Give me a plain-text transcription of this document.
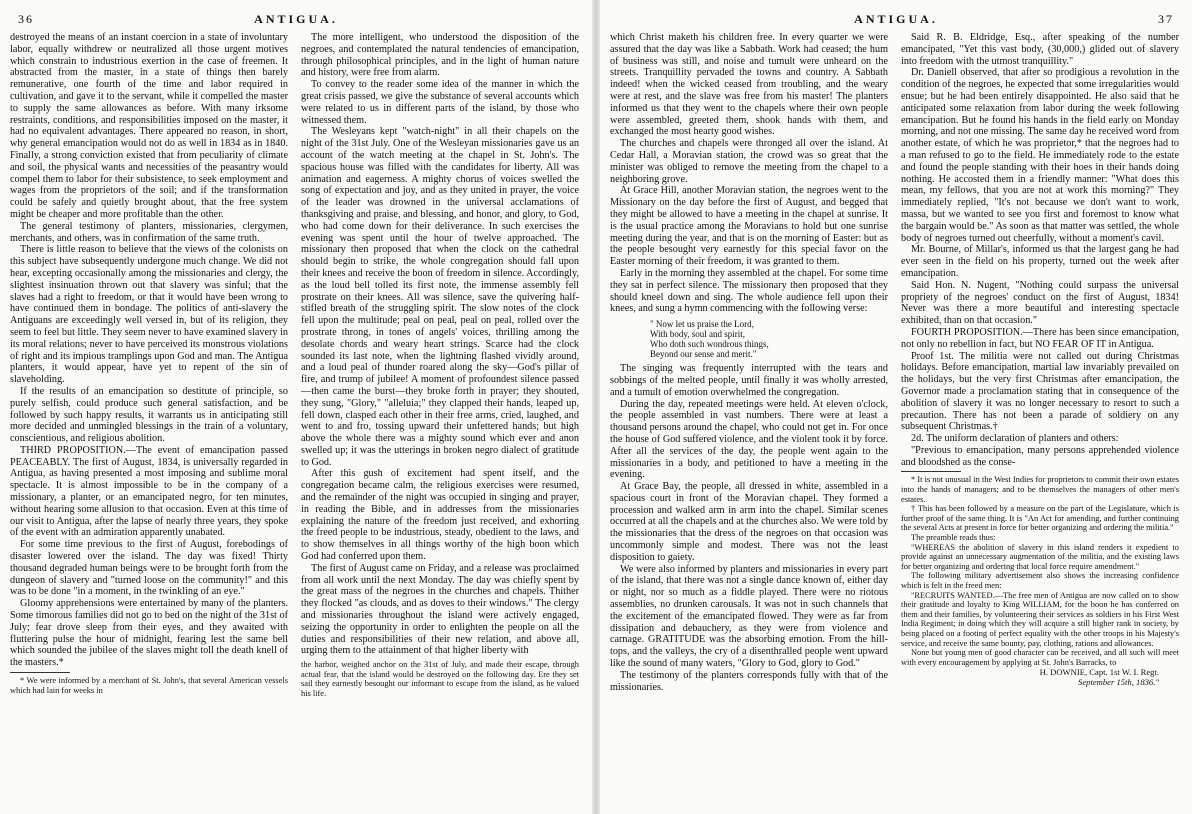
36	ANTIGUA.

destroyed the means of an instant coercion in a state of involuntary labor, equally withdrew or neutralized all those urgent motives which constrain to industrious exertion in the case of freemen. It abstracted from the master, in a state of things then barely remunerative, one fourth of the time and labor required in cultivation, and gave it to the servant, while it compelled the master to supply the same allowances as before. With many irksome restraints, conditions, and responsibilities imposed on the master, it had no equivalent advantages. There appeared no reason, in short, why general emancipation would not do as well in 1834 as in 1840. Finally, a strong conviction existed that from peculiarity of climate and soil, the physical wants and necessities of the peasantry would compel them to labor for their subsistence, to seek employment and wages from the proprietors of the soil; and if the transformation could be safely and quietly brought about, that the free system might be cheaper and more profitable than the other.

The general testimony of planters, missionaries, clergymen, merchants, and others, was in confirmation of the same truth.

There is little reason to believe that the views of the colonists on this subject have subsequently undergone much change. We did not hear, excepting occasionally among the missionaries and clergy, the slightest insinuation thrown out that slavery was sinful; that the slaves had a right to freedom, or that it would have been wrong to have continued them in bondage. The politics of anti-slavery the Antiguans are exceedingly well versed in, but of its religion, they seem to feel but little. They seem never to have examined slavery in its moral relations; never to have perceived its monstrous violations of right and its impious tramplings upon God and man. The Antigua planters, it would appear, have yet to repent of the sin of slaveholding.

If the results of an emancipation so destitute of principle, so purely selfish, could produce such general satisfaction, and be followed by such happy results, it warrants us in anticipating still more decided and unmingled blessings in the train of a voluntary, conscientious, and religious abolition.

THIRD PROPOSITION.—The event of emancipation passed PEACEABLY. The first of August, 1834, is universally regarded in Antigua, as having presented a most imposing and sublime moral spectacle. It is almost impossible to be in the company of a missionary, a planter, or an emancipated negro, for ten minutes, without hearing some allusion to that occasion. Even at this time of our visit to Antigua, after the lapse of nearly three years, they spoke of the event with an admiration apparently unabated.

For some time previous to the first of August, forebodings of disaster lowered over the island. The day was fixed! Thirty thousand degraded human beings were to be brought forth from the dungeon of slavery and "turned loose on the community!" and this was to be done "in a moment, in the twinkling of an eye."

Gloomy apprehensions were entertained by many of the planters. Some timorous families did not go to bed on the night of the 31st of July; fear drove sleep from their eyes, and they awaited with fluttering pulse the hour of midnight, fearing lest the same bell which sounded the jubilee of the slaves might toll the death knell of the masters.*

* We were informed by a merchant of St. John's, that several American vessels which had lain for weeks in

The more intelligent, who understood the disposition of the negroes, and contemplated the natural tendencies of emancipation, through philosophical principles, and in the light of human nature and history, were free from alarm.

To convey to the reader some idea of the manner in which the great crisis passed, we give the substance of several accounts which were related to us in different parts of the island, by those who witnessed them.

The Wesleyans kept "watch-night" in all their chapels on the night of the 31st July. One of the Wesleyan missionaries gave us an account of the watch meeting at the chapel in St. John's. The spacious house was filled with the candidates for liberty. All was animation and eagerness. A mighty chorus of voices swelled the song of expectation and joy, and as they united in prayer, the voice of the leader was drowned in the universal acclamations of thanksgiving and praise, and blessing, and honor, and glory, to God, who had come down for their deliverance. In such exercises the evening was spent until the hour of twelve approached. The missionary then proposed that when the clock on the cathedral should begin to strike, the whole congregation should fall upon their knees and receive the boon of freedom in silence. Accordingly, as the loud bell tolled its first note, the immense assembly fell prostrate on their knees. All was silence, save the quivering half-stifled breath of the struggling spirit. The slow notes of the clock fell upon the multitude; peal on peal, peal on peal, rolled over the prostrate throng, in tones of angels' voices, thrilling among the desolate chords and weary heart strings. Scarce had the clock sounded its last note, when the lightning flashed vividly around, and a loud peal of thunder roared along the sky—God's pillar of fire, and trump of jubilee! A moment of profoundest silence passed—then came the burst—they broke forth in prayer; they shouted, they sung, "Glory," "alleluia;" they clapped their hands, leaped up, fell down, clasped each other in their free arms, cried, laughed, and went to and fro, tossing upward their unfettered hands; but high above the whole there was a mighty sound which ever and anon swelled up; it was the utterings in broken negro dialect of gratitude to God.

After this gush of excitement had spent itself, and the congregation became calm, the religious exercises were resumed, and the remainder of the night was occupied in singing and prayer, in reading the Bible, and in addresses from the missionaries explaining the nature of the freedom just received, and exhorting the freed people to be industrious, steady, obedient to the laws, and to show themselves in all things worthy of the high boon which God had conferred upon them.

The first of August came on Friday, and a release was proclaimed from all work until the next Monday. The day was chiefly spent by the great mass of the negroes in the churches and chapels. Thither they flocked "as clouds, and as doves to their windows." The clergy and missionaries throughout the island were actively engaged, seizing the opportunity in order to enlighten the people on all the duties and responsibilities of their new relation, and above all, urging them to the attainment of that higher liberty with

the harbor, weighed anchor on the 31st of July, and made their escape, through actual fear, that the island would be destroyed on the following day. Ere they set sail they earnestly besought our informant to escape from the island, as he valued his life.

ANTIGUA.	37

which Christ maketh his children free. In every quarter we were assured that the day was like a Sabbath. Work had ceased; the hum of business was still, and noise and tumult were unheard on the streets. Tranquillity pervaded the towns and country. A Sabbath indeed! when the wicked ceased from troubling, and the weary were at rest, and the slave was free from his master! The planters informed us that they went to the chapels where their own people were assembled, greeted them, shook hands with them, and exchanged the most hearty good wishes.

The churches and chapels were thronged all over the island. At Cedar Hall, a Moravian station, the crowd was so great that the minister was obliged to remove the meeting from the chapel to a neighboring grove.

At Grace Hill, another Moravian station, the negroes went to the Missionary on the day before the first of August, and begged that they might be allowed to have a meeting in the chapel at sunrise. It is the usual practice among the Moravians to hold but one sunrise meeting during the year, and that is on the morning of Easter: but as the people besought very earnestly for this special favor on the Easter morning of their freedom, it was granted to them.

Early in the morning they assembled at the chapel. For some time they sat in perfect silence. The missionary then proposed that they should kneel down and sing. The whole audience fell upon their knees, and sung a hymn commencing with the following verse:

" Now let us praise the Lord,
With body, soul and spirit,
Who doth such wondrous things,
Beyond our sense and merit."

The singing was frequently interrupted with the tears and sobbings of the melted people, until finally it was wholly arrested, and a tumult of emotion overwhelmed the congregation.

During the day, repeated meetings were held. At eleven o'clock, the people assembled in vast numbers. There were at least a thousand persons around the chapel, who could not get in. For once the house of God suffered violence, and the violent took it by force. After all the services of the day, the people went again to the missionaries in a body, and petitioned to have a meeting in the evening.

At Grace Bay, the people, all dressed in white, assembled in a spacious court in front of the Moravian chapel. They formed a procession and walked arm in arm into the chapel. Similar scenes occurred at all the chapels and at the churches also. We were told by the missionaries that the dress of the negroes on that occasion was uncommonly simple and modest. There was not the least disposition to gaiety.

We were also informed by planters and missionaries in every part of the island, that there was not a single dance known of, either day or night, nor so much as a fiddle played. There were no riotous assemblies, no drunken carousals. It was not in such channels that the excitement of the emancipated flowed. They were as far from dissipation and debauchery, as they were from violence and carnage. GRATITUDE was the absorbing emotion. From the hill-tops, and the valleys, the cry of a disenthralled people went upward like the sound of many waters, "Glory to God, glory to God."

The testimony of the planters corresponds fully with that of the missionaries.

Said R. B. Eldridge, Esq., after speaking of the number emancipated, "Yet this vast body, (30,000,) glided out of slavery into freedom with the utmost tranquillity."

Dr. Daniell observed, that after so prodigious a revolution in the condition of the negroes, he expected that some irregularities would ensue; but he had been entirely disappointed. He also said that he anticipated some relaxation from labor during the week following emancipation. But he found his hands in the field early on Monday morning, and not one missing. The same day he received word from another estate, of which he was proprietor,* that the negroes had to a man refused to go to the field. He immediately rode to the estate and found the people standing with their hoes in their hands doing nothing. He accosted them in a friendly manner: "What does this mean, my fellows, that you are not at work this morning?" They immediately replied, "It's not because we don't want to work, massa, but we wanted to see you first and foremost to know what the bargain would be." As soon as that matter was settled, the whole body of negroes turned out cheerfully, without a moment's cavil.

Mr. Bourne, of Millar's, informed us that the largest gang he had ever seen in the field on his property, turned out the week after emancipation.

Said Hon. N. Nugent, "Nothing could surpass the universal propriety of the negroes' conduct on the first of August, 1834! Never was there a more beautiful and interesting spectacle exhibited, than on that occasion."

FOURTH PROPOSITION.—There has been since emancipation, not only no rebellion in fact, but NO FEAR OF IT in Antigua.

Proof 1st. The militia were not called out during Christmas holidays. Before emancipation, martial law invariably prevailed on the holidays, but the very first Christmas after emancipation, the Governor made a proclamation stating that in consequence of the abolition of slavery it was no longer necessary to resort to such a precaution. There has not been a parade of soldiery on any subsequent Christmas.†

2d. The uniform declaration of planters and others:

"Previous to emancipation, many persons apprehended violence and bloodshed as the conse-

* It is not unusual in the West Indies for proprietors to commit their own estates into the hands of managers; and to be themselves the managers of other men's estates.

† This has been followed by a measure on the part of the Legislature, which is further proof of the same thing. It is "An Act for amending, and further continuing the several Acts at present in force for better organizing and ordering the militia."

The preamble reads thus:

"WHEREAS the abolition of slavery in this island renders it expedient to provide against an unnecessary augmentation of the militia, and the existing laws for better organizing and ordering that local force require amendment."

The following military advertisement also shows the increasing confidence which is felt in the freed men:

"RECRUITS WANTED.—The free men of Antigua are now called on to show their gratitude and loyalty to King WILLIAM, for the boon he has conferred on them and their families, by volunteering their services as soldiers in his First West India Regiment; in doing which they will acquire a still higher rank in society, by being placed on a footing of perfect equality with the other troops in his Majesty's service, and receive the same bounty, pay, clothing, rations and allowances.

None but young men of good character can be received, and all such will meet with every encouragement by applying at St. John's Barracks, to

H. DOWNIE, Capt. 1st W. I. Regt.
September 15th, 1836."
